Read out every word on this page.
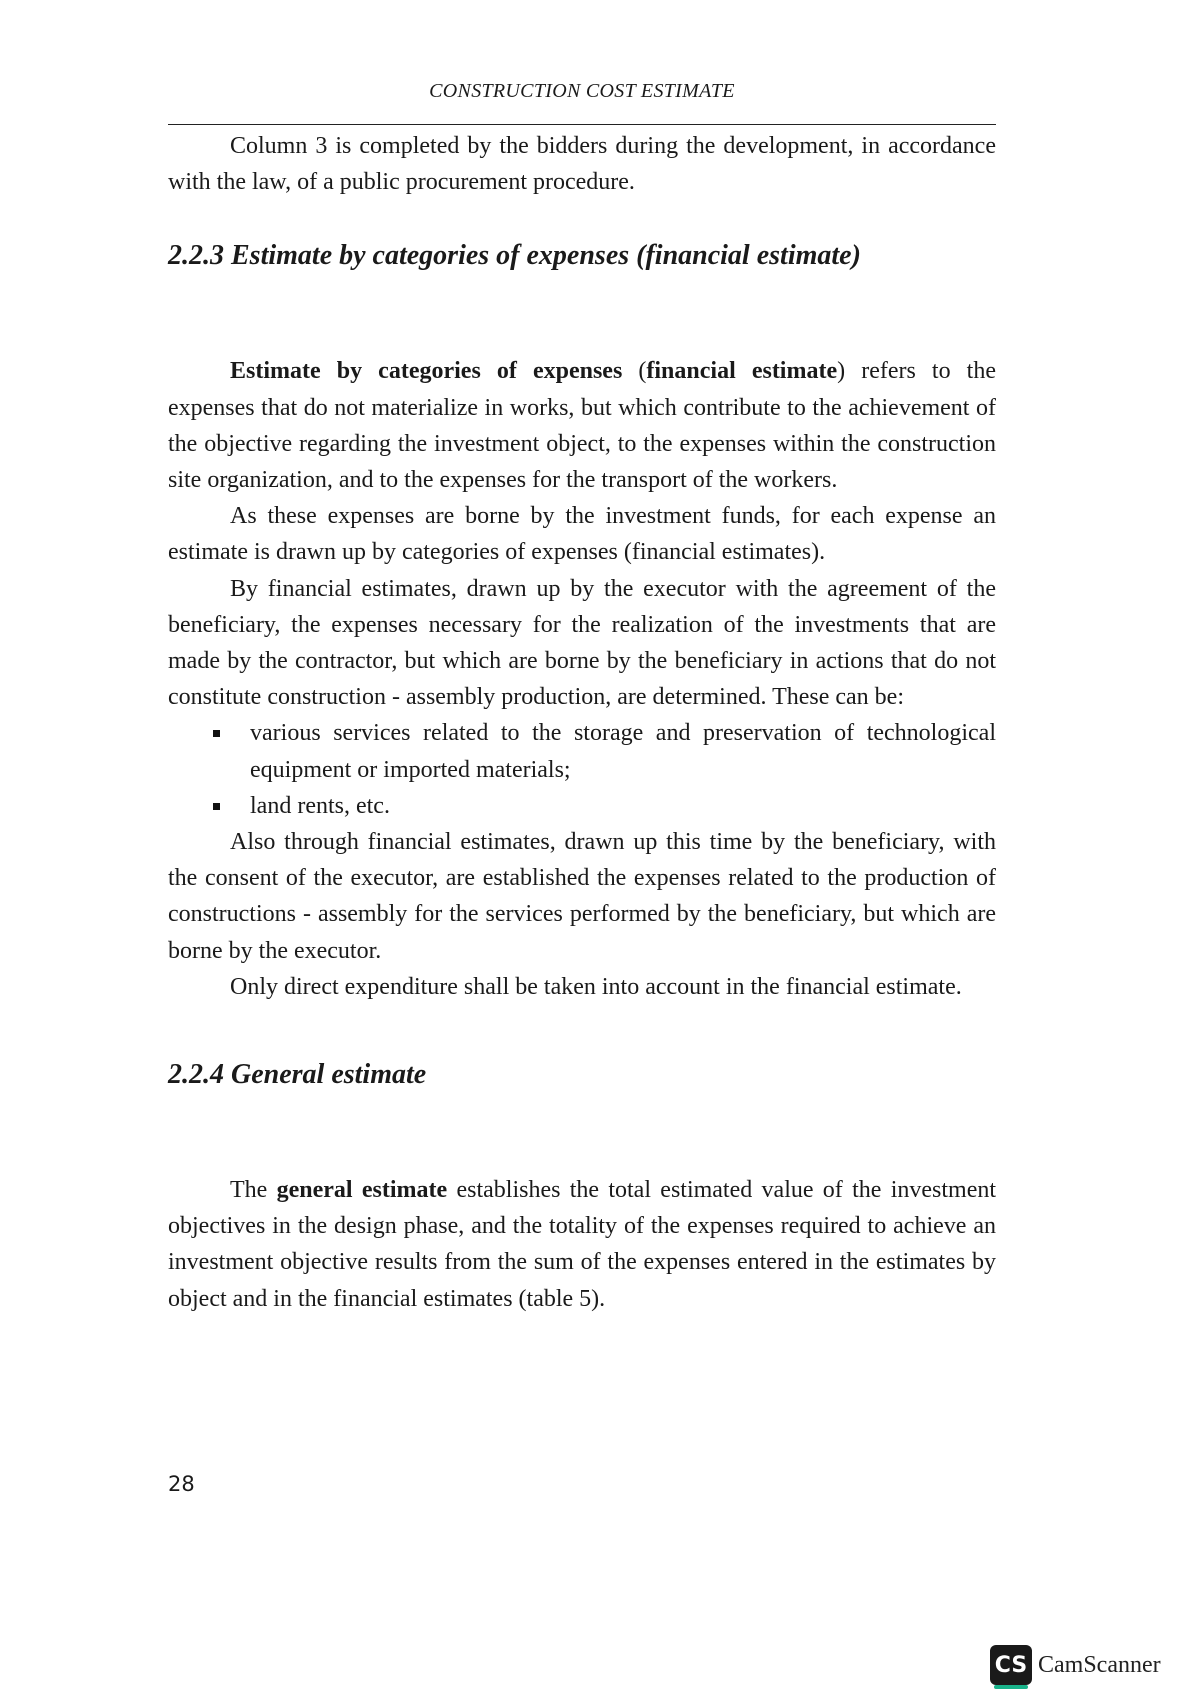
CONSTRUCTION COST ESTIMATE

Column 3 is completed by the bidders during the development, in accordance with the law, of a public procurement procedure.

2.2.3 Estimate by categories of expenses (financial estimate)

Estimate by categories of expenses (financial estimate) refers to the expenses that do not materialize in works, but which contribute to the achievement of the objective regarding the investment object, to the expenses within the construction site organization, and to the expenses for the transport of the workers.

As these expenses are borne by the investment funds, for each expense an estimate is drawn up by categories of expenses (financial estimates).

By financial estimates, drawn up by the executor with the agreement of the beneficiary, the expenses necessary for the realization of the investments that are made by the contractor, but which are borne by the beneficiary in actions that do not constitute construction - assembly production, are determined. These can be:

various services related to the storage and preservation of technological equipment or imported materials;
land rents, etc.

Also through financial estimates, drawn up this time by the beneficiary, with the consent of the executor, are established the expenses related to the production of constructions - assembly for the services performed by the beneficiary, but which are borne by the executor.

Only direct expenditure shall be taken into account in the financial estimate.

2.2.4 General estimate

The general estimate establishes the total estimated value of the investment objectives in the design phase, and the totality of the expenses required to achieve an investment objective results from the sum of the expenses entered in the estimates by object and in the financial estimates (table 5).

28
CS CamScanner
